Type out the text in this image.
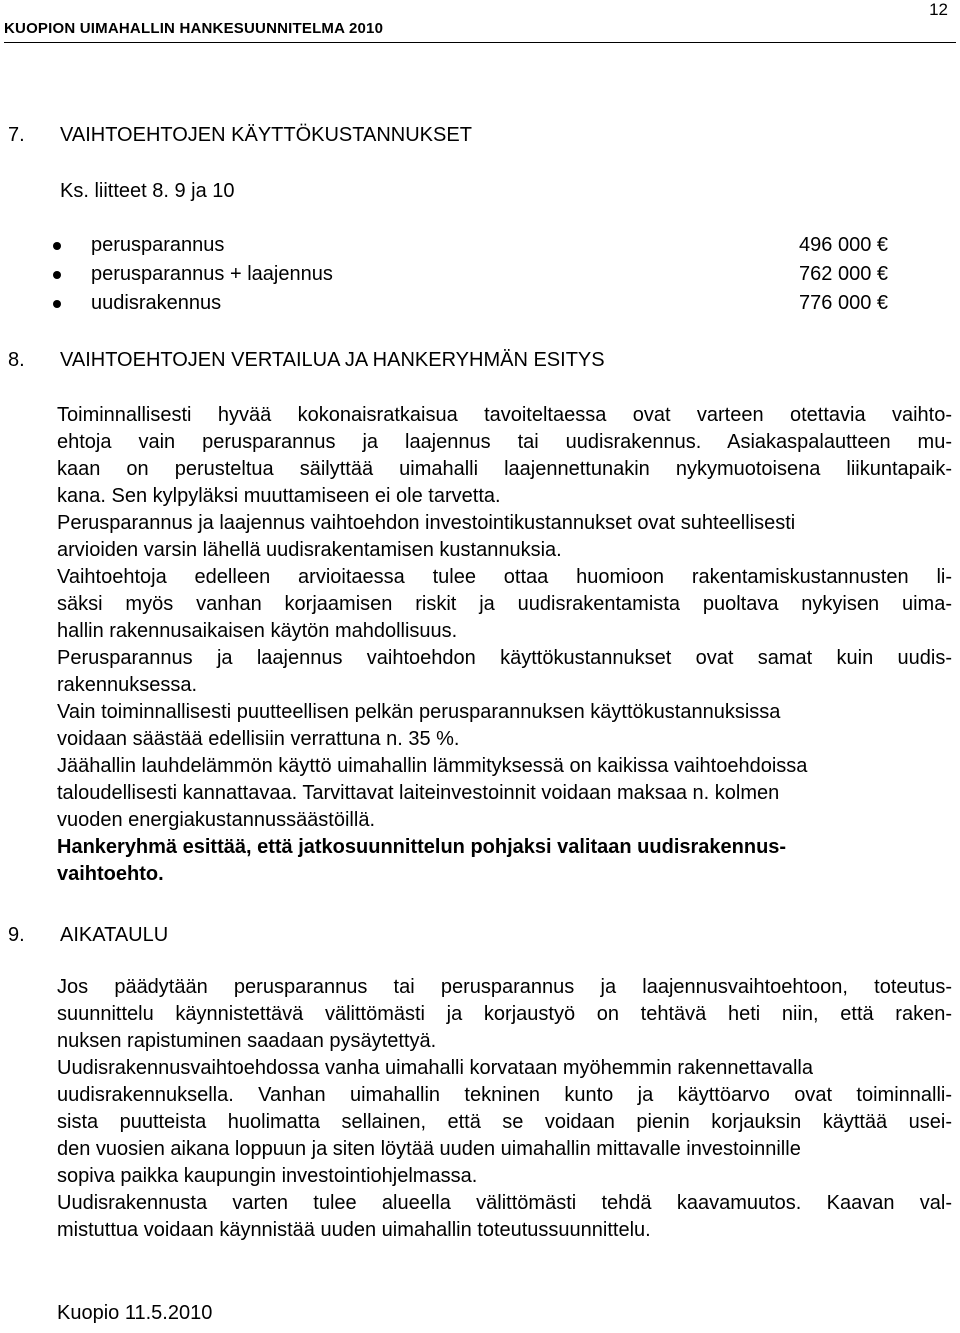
12
KUOPION UIMAHALLIN HANKESUUNNITELMA 2010
7. VAIHTOEHTOJEN KÄYTTÖKUSTANNUKSET
Ks. liitteet 8. 9 ja 10
perusparannus	496 000 €
perusparannus + laajennus	762 000 €
uudisrakennus	776 000 €
8. VAIHTOEHTOJEN VERTAILUA JA HANKERYHMÄN ESITYS
Toiminnallisesti hyvää kokonaisratkaisua tavoiteltaessa ovat varteen otettavia vaihto-
ehtoja vain perusparannus ja laajennus tai uudisrakennus. Asiakaspalautteen mu-
kaan on perusteltua säilyttää uimahalli laajennettunakin nykymuotoisena liikuntapaik-
kana. Sen kylpyläksi muuttamiseen ei ole tarvetta.
Perusparannus ja laajennus vaihtoehdon investointikustannukset ovat suhteellisesti
arvioiden varsin lähellä uudisrakentamisen kustannuksia.
Vaihtoehtoja edelleen arvioitaessa tulee ottaa huomioon rakentamiskustannusten li-
säksi myös vanhan korjaamisen riskit ja uudisrakentamista puoltava nykyisen uima-
hallin rakennusaikaisen käytön mahdollisuus.
Perusparannus ja laajennus vaihtoehdon käyttökustannukset ovat samat kuin uudis-
rakennuksessa.
Vain toiminnallisesti puutteellisen pelkän perusparannuksen käyttökustannuksissa
voidaan säästää edellisiin verrattuna n. 35 %.
Jäähallin lauhdelämmön käyttö uimahallin lämmityksessä on kaikissa vaihtoehdoissa
taloudellisesti kannattavaa. Tarvittavat laiteinvestoinnit voidaan maksaa n. kolmen
vuoden energiakustannussäästöillä.
Hankeryhmä esittää, että jatkosuunnittelun pohjaksi valitaan uudisrakennus-
vaihtoehto.
9. AIKATAULU
Jos päädytään perusparannus tai perusparannus ja laajennusvaihtoehtoon, toteutus-
suunnittelu käynnistettävä välittömästi ja korjaustyö on tehtävä heti niin, että raken-
nuksen rapistuminen saadaan pysäytettyä.
Uudisrakennusvaihtoehdossa vanha uimahalli korvataan myöhemmin rakennettavalla
uudisrakennuksella. Vanhan uimahallin tekninen kunto ja käyttöarvo ovat toiminnalli-
sista puutteista huolimatta sellainen, että se voidaan pienin korjauksin käyttää usei-
den vuosien aikana loppuun ja siten löytää uuden uimahallin mittavalle investoinnille
sopiva paikka kaupungin investointiohjelmassa.
Uudisrakennusta varten tulee alueella välittömästi tehdä kaavamuutos. Kaavan val-
mistuttua voidaan käynnistää uuden uimahallin toteutussuunnittelu.
Kuopio 11.5.2010
